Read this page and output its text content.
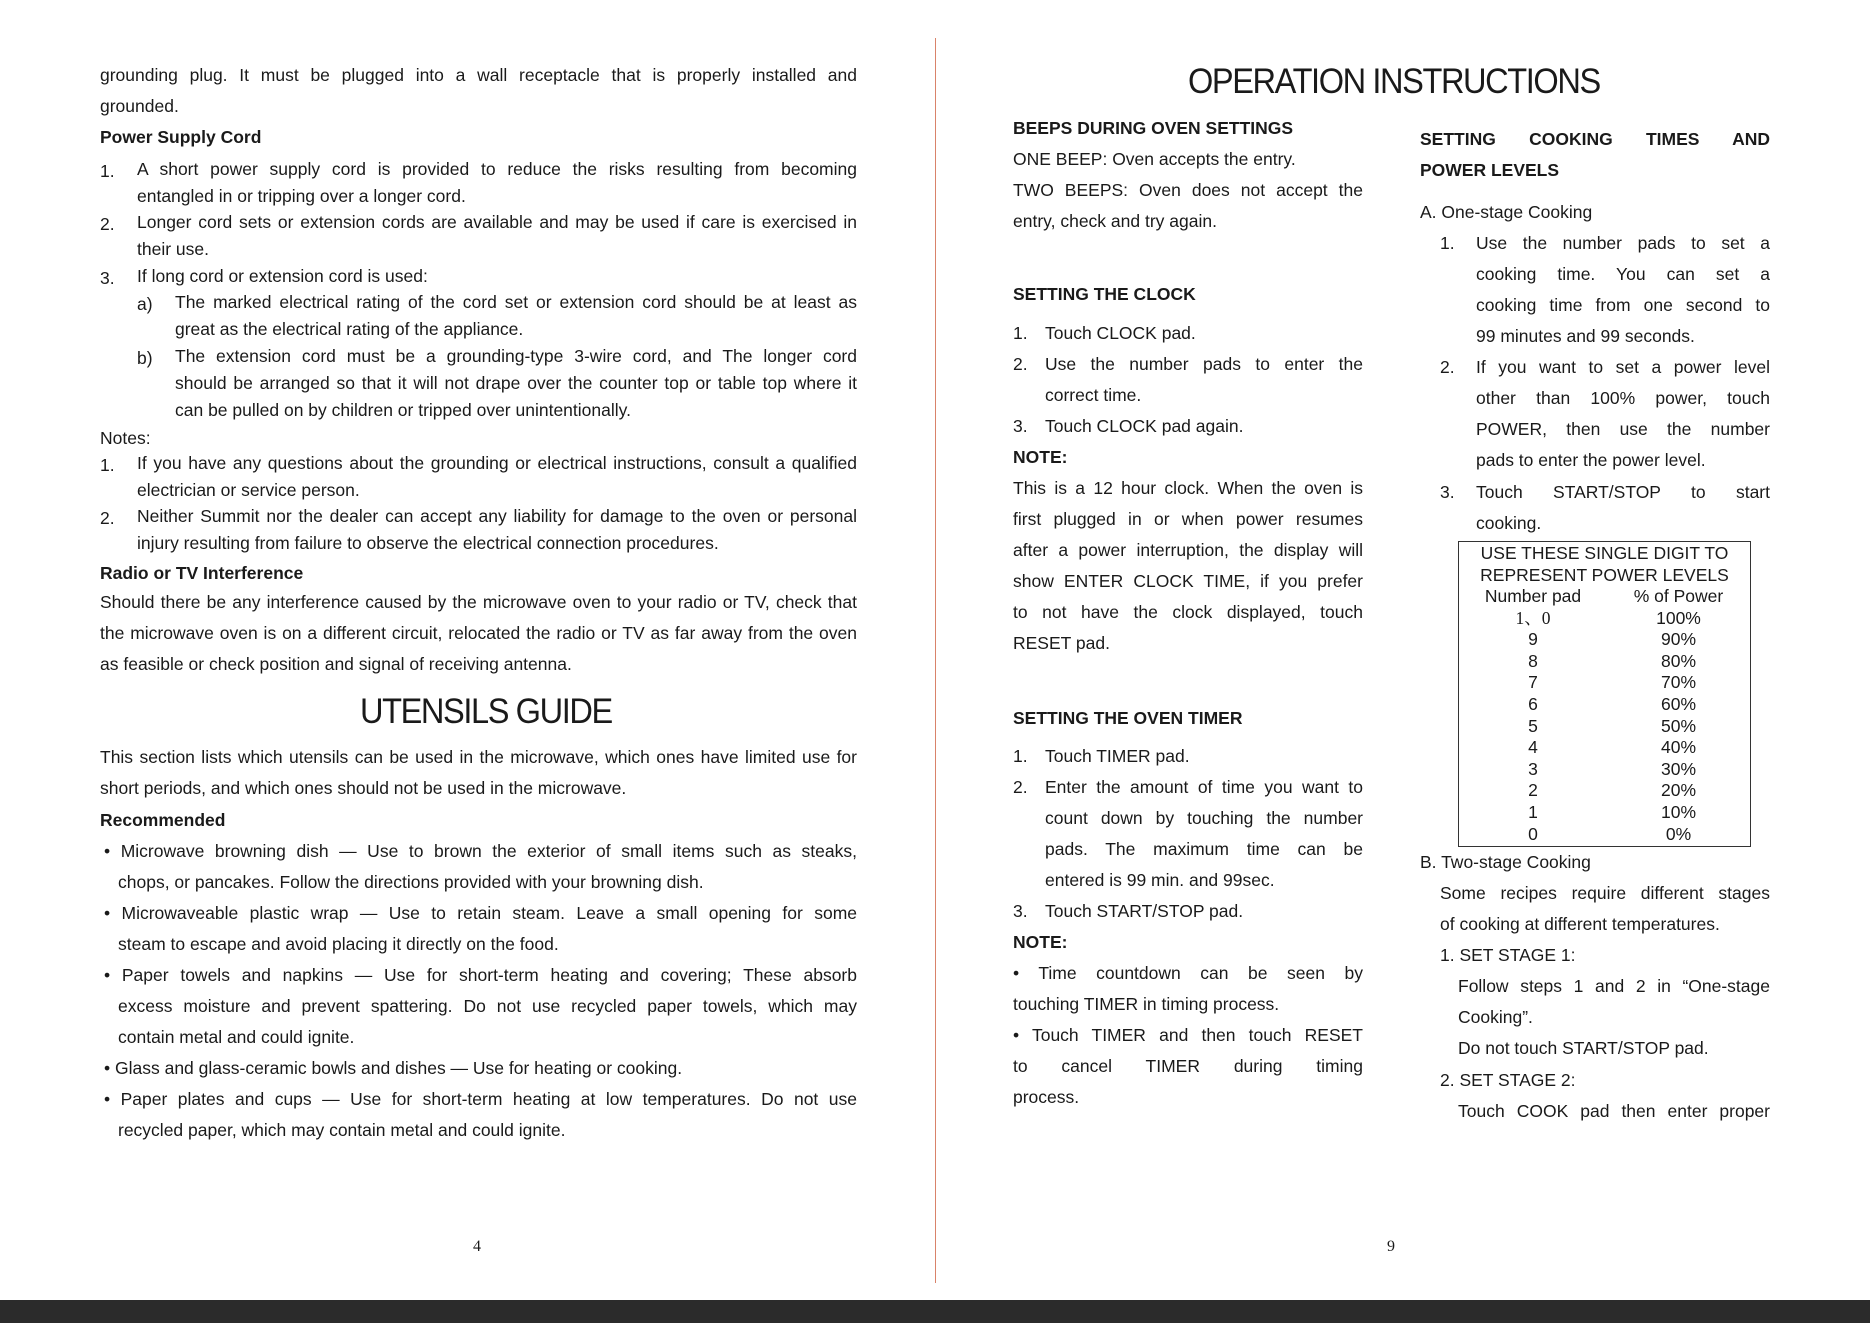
grounding plug. It must be plugged into a wall receptacle that is properly installed and
grounded.
Power Supply Cord
1. A short power supply cord is provided to reduce the risks resulting from becoming
entangled in or tripping over a longer cord.
2. Longer cord sets or extension cords are available and may be used if care is exercised in
their use.
3. If long cord or extension cord is used:
a) The marked electrical rating of the cord set or extension cord should be at least as
great as the electrical rating of the appliance.
b) The extension cord must be a grounding-type 3-wire cord, and The longer cord
should be arranged so that it will not drape over the counter top or table top where it
can be pulled on by children or tripped over unintentionally.
Notes:
1. If you have any questions about the grounding or electrical instructions, consult a qualified
electrician or service person.
2. Neither Summit nor the dealer can accept any liability for damage to the oven or personal
injury resulting from failure to observe the electrical connection procedures.
Radio or TV Interference
Should there be any interference caused by the microwave oven to your radio or TV, check that
the microwave oven is on a different circuit, relocated the radio or TV as far away from the oven
as feasible or check position and signal of receiving antenna.
UTENSILS GUIDE
This section lists which utensils can be used in the microwave, which ones have limited use for
short periods, and which ones should not be used in the microwave.
Recommended
• Microwave browning dish — Use to brown the exterior of small items such as steaks,
chops, or pancakes. Follow the directions provided with your browning dish.
• Microwaveable plastic wrap — Use to retain steam. Leave a small opening for some
steam to escape and avoid placing it directly on the food.
• Paper towels and napkins — Use for short-term heating and covering; These absorb
excess moisture and prevent spattering. Do not use recycled paper towels, which may
contain metal and could ignite.
• Glass and glass-ceramic bowls and dishes — Use for heating or cooking.
• Paper plates and cups — Use for short-term heating at low temperatures. Do not use
recycled paper, which may contain metal and could ignite.
4
OPERATION INSTRUCTIONS
BEEPS DURING OVEN SETTINGS
ONE BEEP: Oven accepts the entry.
TWO BEEPS: Oven does not accept the
entry, check and try again.
SETTING THE CLOCK
1. Touch CLOCK pad.
2. Use the number pads to enter the
correct time.
3. Touch CLOCK pad again.
NOTE:
This is a 12 hour clock. When the oven is
first plugged in or when power resumes
after a power interruption, the display will
show ENTER CLOCK TIME, if you prefer
to not have the clock displayed, touch
RESET pad.
SETTING THE OVEN TIMER
1. Touch TIMER pad.
2. Enter the amount of time you want to
count down by touching the number
pads. The maximum time can be
entered is 99 min. and 99sec.
3. Touch START/STOP pad.
NOTE:
• Time countdown can be seen by
touching TIMER in timing process.
• Touch TIMER and then touch RESET
to cancel TIMER during timing
process.
SETTING COOKING TIMES AND
POWER LEVELS
A. One-stage Cooking
1. Use the number pads to set a
cooking time. You can set a
cooking time from one second to
99 minutes and 99 seconds.
2. If you want to set a power level
other than 100% power, touch
POWER, then use the number
pads to enter the power level.
3. Touch START/STOP to start
cooking.
USE THESE SINGLE DIGIT TO
REPRESENT POWER LEVELS
Number pad	% of Power
1、0	100%
9	90%
8	80%
7	70%
6	60%
5	50%
4	40%
3	30%
2	20%
1	10%
0	0%
B. Two-stage Cooking
Some recipes require different stages
of cooking at different temperatures.
1. SET STAGE 1:
Follow steps 1 and 2 in “One-stage
Cooking”.
Do not touch START/STOP pad.
2. SET STAGE 2:
Touch COOK pad then enter proper
9
